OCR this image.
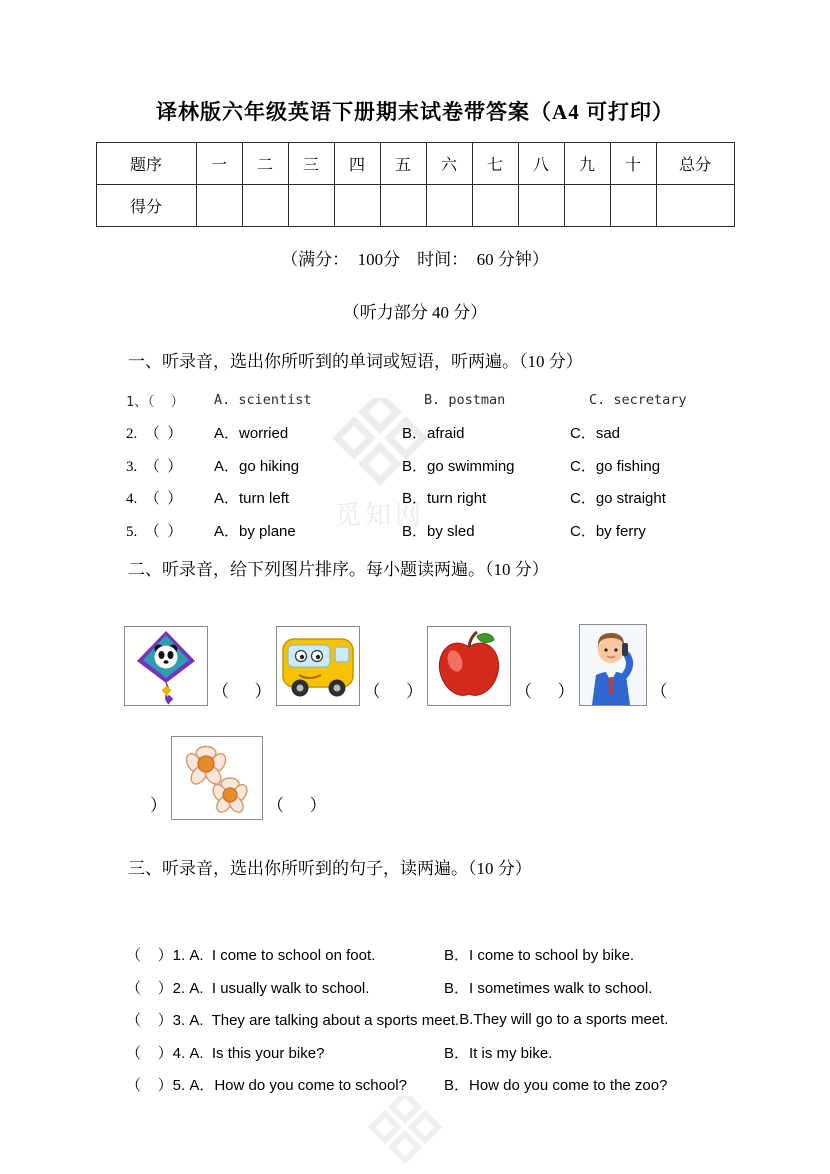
觅知网
译林版六年级英语下册期末试卷带答案（A4 可打印）
题序	一	二	三	四	五	六	七	八	九	十	总分
得分											
（满分：  100分    时间：  60 分钟）
（听力部分 40 分）
一、听录音，选出你所听到的单词或短语，听两遍。（10 分）
1、（  ）	A. scientist	B. postman	C. secretary
2.  （  ）	A．worried	B．afraid	C．sad
3.  （  ）	A．go hiking	B．go swimming	C．go fishing
4.  （  ）	A．turn left	B．turn right	C．go straight
5.  （  ）	A．by plane	B．by sled	C．by ferry
二、听录音，给下列图片排序。每小题读两遍。（10 分）
（      ）	（      ）	（      ）	（
）	（      ）
三、听录音，选出你所听到的句子，读两遍。（10 分）
（    ）1. A.  I come to school on foot.	B．I come to school by bike.
（    ）2. A.  I usually walk to school.	B．I sometimes walk to school.
（    ）3. A.  They are talking about a sports meet. B.They will go to a sports meet.
（    ）4. A.  Is this your bike?	B．It is my bike.
（    ）5. A．How do you come to school?	B．How do you come to the zoo?
